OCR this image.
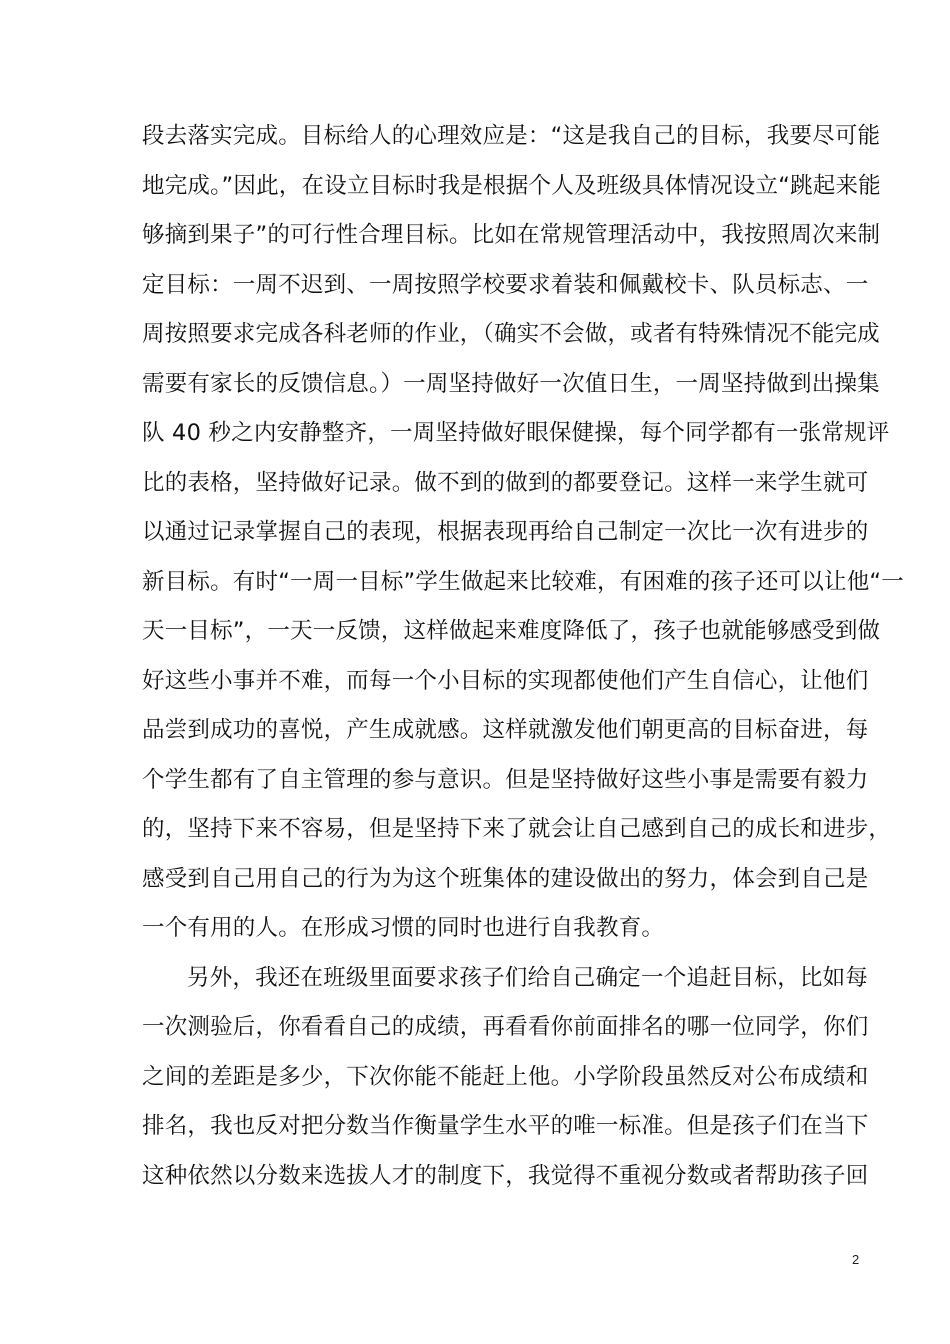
段去落实完成。目标给人的心理效应是：“这是我自己的目标，我要尽可能
地完成。”因此，在设立目标时我是根据个人及班级具体情况设立“跳起来能
够摘到果子”的可行性合理目标。比如在常规管理活动中，我按照周次来制
定目标：一周不迟到、一周按照学校要求着装和佩戴校卡、队员标志、一
周按照要求完成各科老师的作业，（确实不会做，或者有特殊情况不能完成
需要有家长的反馈信息。）一周坚持做好一次值日生，一周坚持做到出操集
队 40 秒之内安静整齐，一周坚持做好眼保健操，每个同学都有一张常规评
比的表格，坚持做好记录。做不到的做到的都要登记。这样一来学生就可
以通过记录掌握自己的表现，根据表现再给自己制定一次比一次有进步的
新目标。有时“一周一目标”学生做起来比较难，有困难的孩子还可以让他“一
天一目标”，一天一反馈，这样做起来难度降低了，孩子也就能够感受到做
好这些小事并不难，而每一个小目标的实现都使他们产生自信心，让他们
品尝到成功的喜悦，产生成就感。这样就激发他们朝更高的目标奋进，每
个学生都有了自主管理的参与意识。但是坚持做好这些小事是需要有毅力
的，坚持下来不容易，但是坚持下来了就会让自己感到自己的成长和进步，
感受到自己用自己的行为为这个班集体的建设做出的努力，体会到自己是
一个有用的人。在形成习惯的同时也进行自我教育。
另外，我还在班级里面要求孩子们给自己确定一个追赶目标，比如每
一次测验后，你看看自己的成绩，再看看你前面排名的哪一位同学，你们
之间的差距是多少，下次你能不能赶上他。小学阶段虽然反对公布成绩和
排名，我也反对把分数当作衡量学生水平的唯一标准。但是孩子们在当下
这种依然以分数来选拔人才的制度下，我觉得不重视分数或者帮助孩子回
2
